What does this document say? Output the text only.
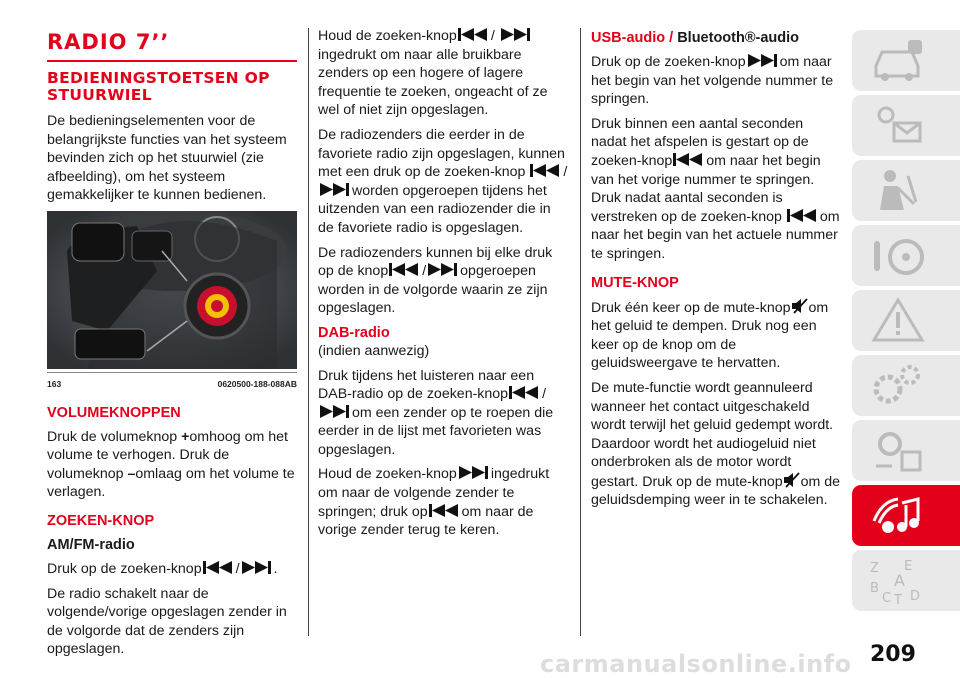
RADIO 7’’
BEDIENINGSTOETSEN OP STUURWIEL

De bedieningselementen voor de belangrijkste functies van het systeem bevinden zich op het stuurwiel (zie afbeelding), om het systeem gemakkelijker te kunnen bedienen.

163	0620500-188-088AB
VOLUMEKNOPPEN

Druk de volumeknop +omhoog om het volume te verhogen. Druk de volumeknop –omlaag om het volume te verlagen.

ZOEKEN-KNOP
AM/FM-radio

Druk op de zoeken-knop / .

De radio schakelt naar de volgende/vorige opgeslagen zender in de volgorde dat de zenders zijn opgeslagen.

Houd de zoeken-knop /
ingedrukt om naar alle bruikbare zenders op een hogere of lagere frequentie te zoeken, ongeacht of ze wel of niet zijn opgeslagen.

De radiozenders die eerder in de favoriete radio zijn opgeslagen, kunnen met een druk op de zoeken-knop	/
worden opgeroepen tijdens het uitzenden van een radiozender die in de favoriete radio is opgeslagen.

De radiozenders kunnen bij elke druk op de knop / opgeroepen worden in de volgorde waarin ze zijn opgeslagen.

DAB-radio

(indien aanwezig)

Druk tijdens het luisteren naar een DAB-radio op de zoeken-knop /
om een zender op te roepen die eerder in de lijst met favorieten was opgeslagen.

Houd de zoeken-knop ingedrukt om naar de volgende zender te springen; druk op om naar de vorige zender terug te keren.

USB-audio / Bluetooth®-audio

Druk op de zoeken-knop om naar het begin van het volgende nummer te springen.

Druk binnen een aantal seconden nadat het afspelen is gestart op de zoeken-knop om naar het begin van het vorige nummer te springen. Druk nadat aantal seconden is verstreken op de zoeken-knop	om naar het begin van het actuele nummer te springen.

MUTE-KNOP

Druk één keer op de mute-knop om het geluid te dempen. Druk nog een keer op de knop om de geluidsweergave te hervatten.

De mute-functie wordt geannuleerd wanneer het contact uitgeschakeld wordt terwijl het geluid gedempt wordt. Daardoor wordt het audiogeluid niet onderbroken als de motor wordt gestart. Druk op de mute-knop om de geluidsdemping weer in te schakelen.

Z E
B A
C T D
carmanualsonline.info 209
